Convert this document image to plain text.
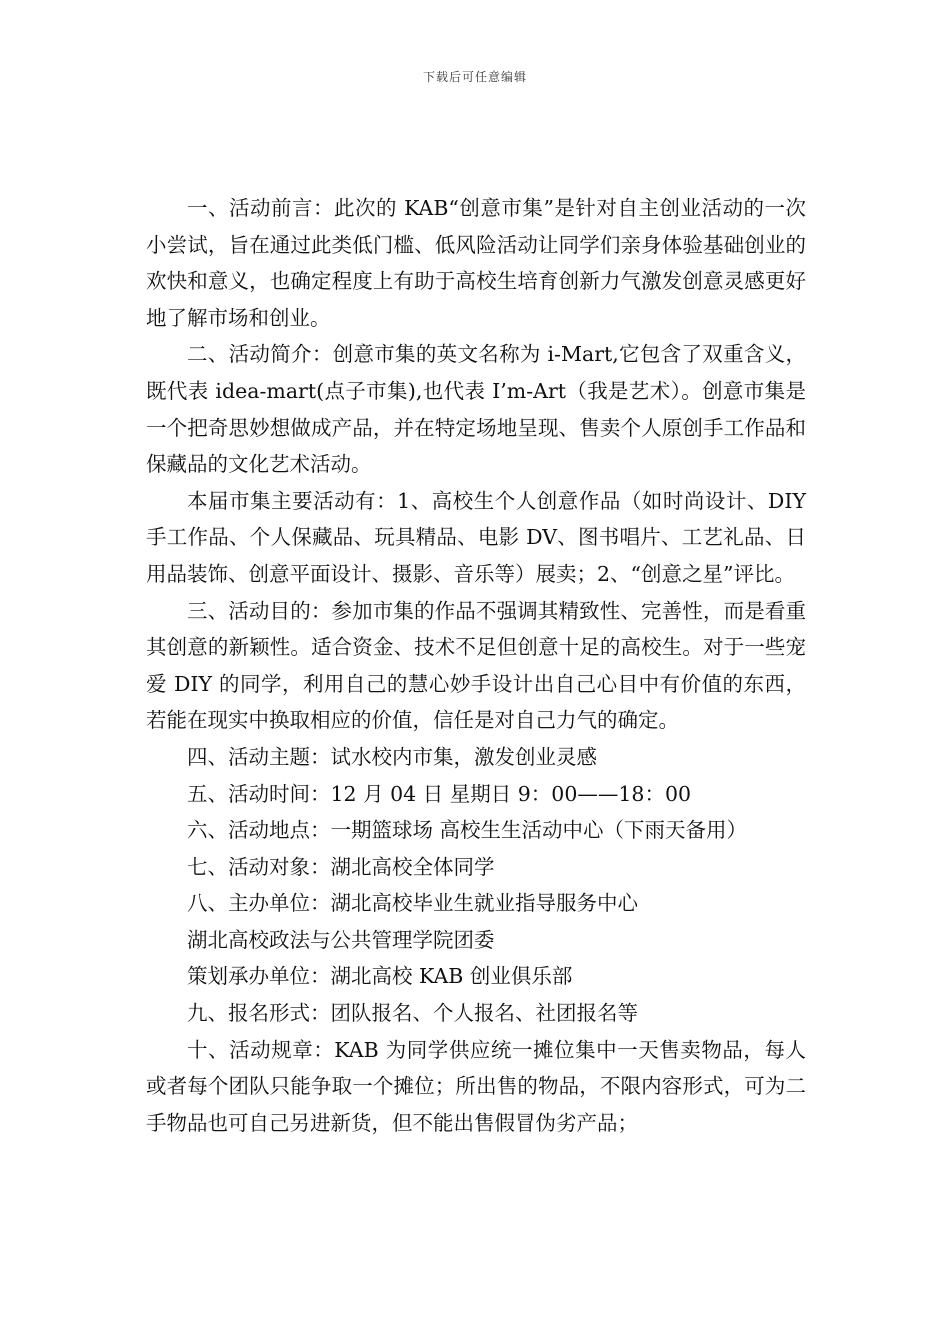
下载后可任意编辑

一、活动前言：此次的 KAB“创意市集”是针对自主创业活动的一次小尝试，旨在通过此类低门槛、低风险活动让同学们亲身体验基础创业的欢快和意义，也确定程度上有助于高校生培育创新力气激发创意灵感更好地了解市场和创业。

二、活动简介：创意市集的英文名称为 i-Mart,它包含了双重含义，既代表 idea-mart(点子市集),也代表 I’m-Art（我是艺术）。创意市集是一个把奇思妙想做成产品，并在特定场地呈现、售卖个人原创手工作品和保藏品的文化艺术活动。

本届市集主要活动有：1、高校生个人创意作品（如时尚设计、DIY 手工作品、个人保藏品、玩具精品、电影 DV、图书唱片、工艺礼品、日用品装饰、创意平面设计、摄影、音乐等）展卖；2、“创意之星”评比。

三、活动目的：参加市集的作品不强调其精致性、完善性，而是看重其创意的新颖性。适合资金、技术不足但创意十足的高校生。对于一些宠爱 DIY 的同学，利用自己的慧心妙手设计出自己心目中有价值的东西，若能在现实中换取相应的价值，信任是对自己力气的确定。

四、活动主题：试水校内市集，激发创业灵感

五、活动时间：12 月 04 日 星期日 9：00——18：00

六、活动地点：一期篮球场 高校生生活动中心（下雨天备用）

七、活动对象：湖北高校全体同学

八、主办单位：湖北高校毕业生就业指导服务中心

湖北高校政法与公共管理学院团委

策划承办单位：湖北高校 KAB 创业俱乐部

九、报名形式：团队报名、个人报名、社团报名等

十、活动规章：KAB 为同学供应统一摊位集中一天售卖物品，每人或者每个团队只能争取一个摊位；所出售的物品，不限内容形式，可为二手物品也可自己另进新货，但不能出售假冒伪劣产品；
